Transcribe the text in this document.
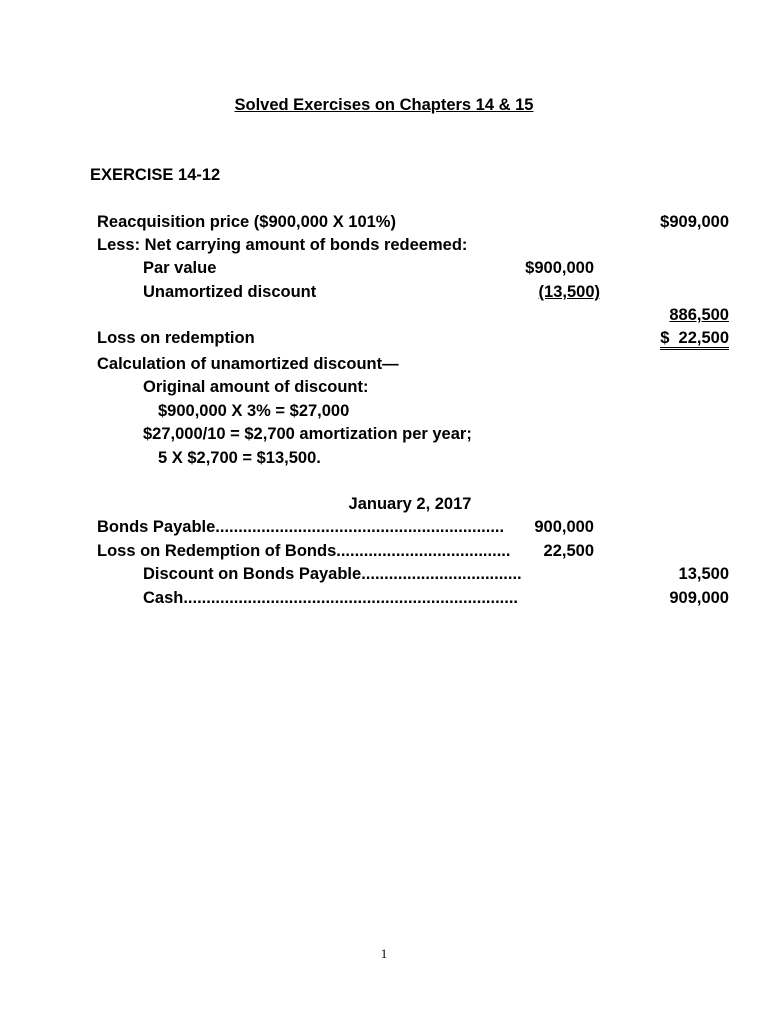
Solved Exercises on Chapters 14 & 15
EXERCISE 14-12
Reacquisition price ($900,000 X 101%)	$909,000
Less: Net carrying amount of bonds redeemed:
Par value	$900,000
Unamortized discount	(13,500)
886,500
Loss on redemption	$  22,500
Calculation of unamortized discount—
Original amount of discount:
$900,000 X 3% = $27,000
$27,000/10 = $2,700 amortization per year;
5 X $2,700 = $13,500.
January 2, 2017
Bonds Payable...............................................................	900,000
Loss on Redemption of Bonds......................................	22,500
Discount on Bonds Payable...................................	13,500
Cash.........................................................................	909,000
1
